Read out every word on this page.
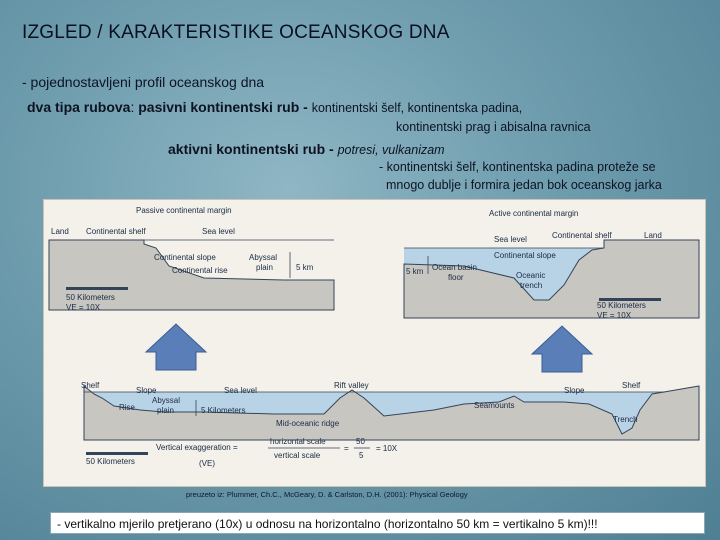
IZGLED / KARAKTERISTIKE OCEANSKOG DNA
- pojednostavljeni profil oceanskog dna
dva tipa rubova: pasivni kontinentski rub - kontinentski šelf, kontinentska padina,
kontinentski prag i abisalna ravnica
aktivni kontinentski rub - potresi, vulkanizam
- kontinentski šelf, kontinentska padina proteže se
mnogo dublje i formira jedan bok oceanskog jarka
Passive continental margin
Land Continental shelf	Sea level
Continental slope
Continental rise
Abyssal
plain	5 km
50 Kilometers
VE = 10X
Active continental margin
Sea level	Continental shelf	Land
Continental slope
5 km Ocean basin
floor	Oceanic
trench
50 Kilometers
VE = 10X
Shelf
Slope	Sea level
Rift valley
Slope
Shelf
Rise
Abyssal
plain	5 Kilometers
Seamounts
Trench
Mid-oceanic ridge
50 Kilometers
Vertical exaggeration =
(VE)
horizontal scale
vertical scale
=
50
5
= 10X
preuzeto iz: Plummer, Ch.C., McGeary, D. & Carlston, D.H. (2001): Physical Geology
- vertikalno mjerilo pretjerano (10x) u odnosu na horizontalno (horizontalno 50 km = vertikalno 5 km)!!!
